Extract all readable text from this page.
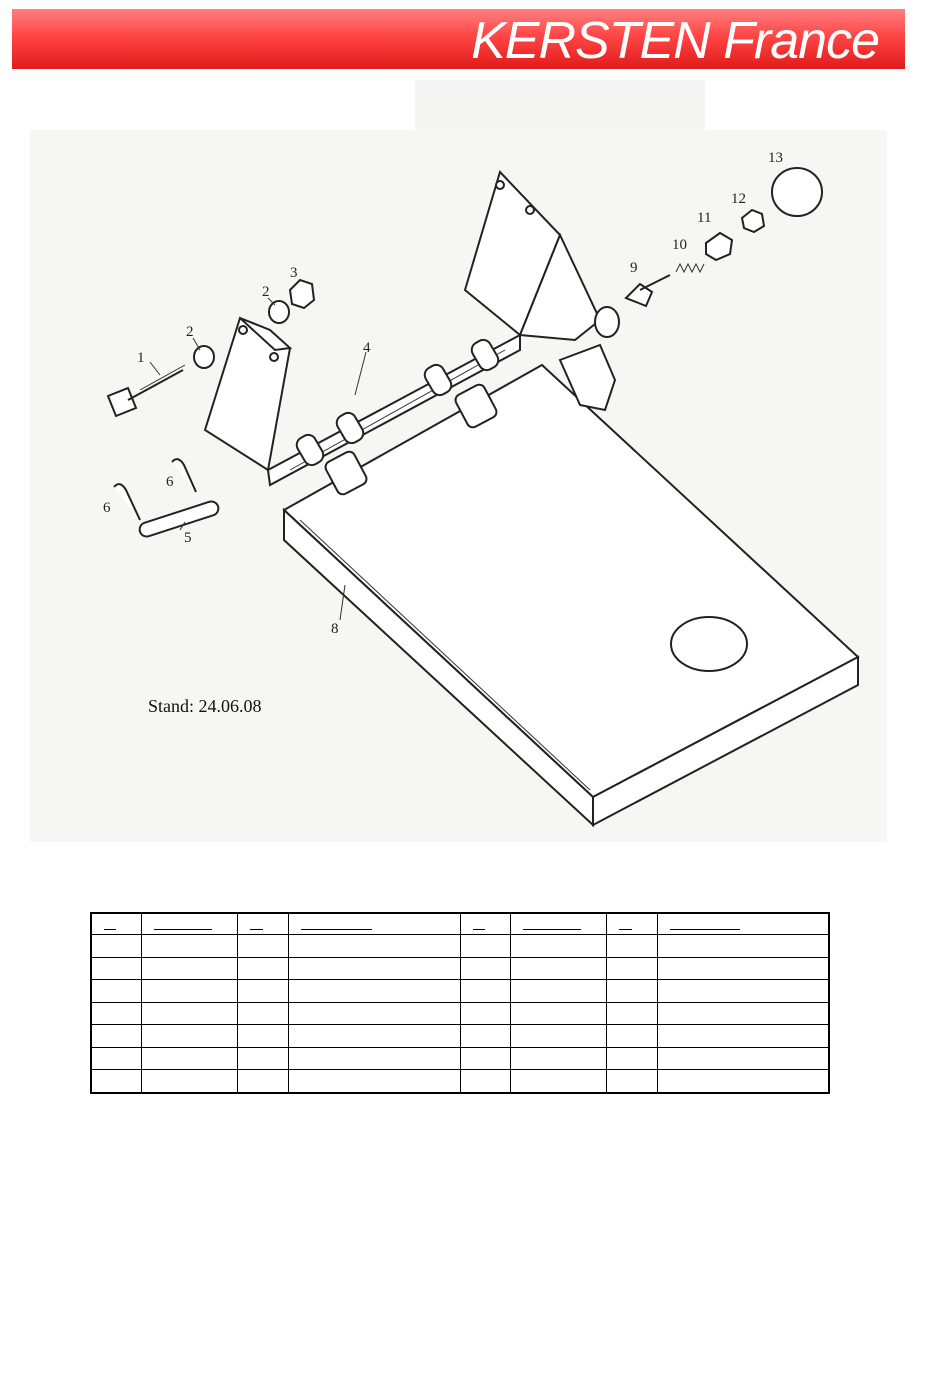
KERSTEN France
1
2
2
3
4
5
6
6
8
9
10
11
12
13
Stand: 24.06.08
